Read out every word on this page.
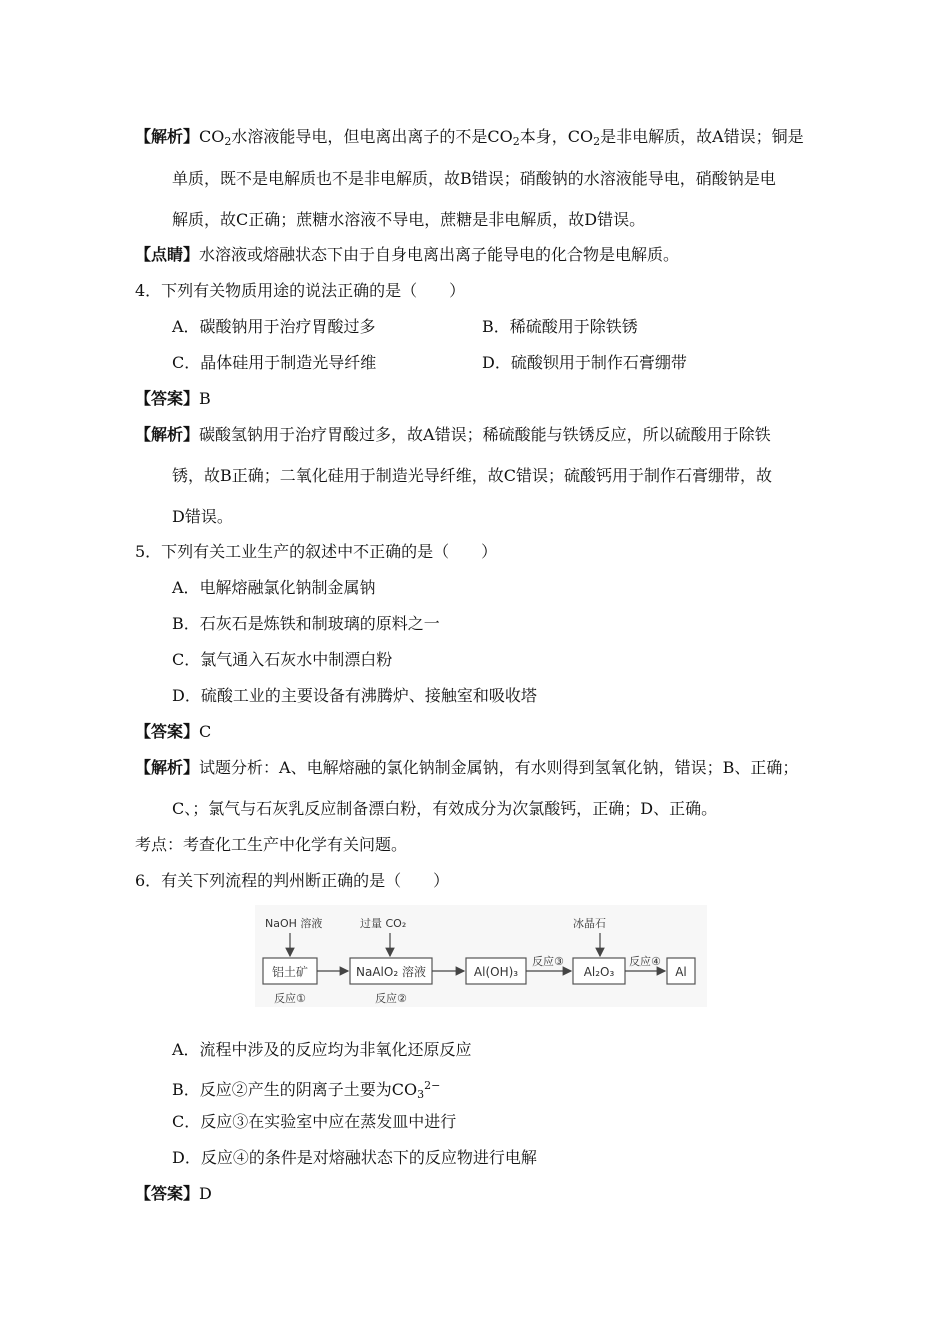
【解析】$CO_2$水溶液能导电，但电离出离子的不是$CO_2$本身，$CO_2$是非电解质，故A错误；铜是
单质，既不是电解质也不是非电解质，故B错误；硝酸钠的水溶液能导电，硝酸钠是电
解质，故C正确；蔗糖水溶液不导电，蔗糖是非电解质，故D错误。
【点睛】水溶液或熔融状态下由于自身电离出离子能导电的化合物是电解质。
4．下列有关物质用途的说法正确的是（　　）
A．碳酸钠用于治疗胃酸过多	B．稀硫酸用于除铁锈
C．晶体硅用于制造光导纤维	D．硫酸钡用于制作石膏绷带
【答案】B
【解析】碳酸氢钠用于治疗胃酸过多，故A错误；稀硫酸能与铁锈反应，所以硫酸用于除铁
锈，故B正确；二氧化硅用于制造光导纤维，故C错误；硫酸钙用于制作石膏绷带，故
D错误。
5．下列有关工业生产的叙述中不正确的是（　　）
A．电解熔融氯化钠制金属钠
B．石灰石是炼铁和制玻璃的原料之一
C．氯气通入石灰水中制漂白粉
D．硫酸工业的主要设备有沸腾炉、接触室和吸收塔
【答案】C
【解析】试题分析：A、电解熔融的氯化钠制金属钠，有水则得到氢氧化钠，错误；B、正确；
C、；氯气与石灰乳反应制备漂白粉，有效成分为次氯酸钙，正确；D、正确。
考点：考查化工生产中化学有关问题。
6．有关下列流程的判州断正确的是（　　）
NaOH 溶液	过量 CO₂	冰晶石
铝土矿	NaAlO₂ 溶液	Al(OH)₃	Al₂O₃	Al
反应③	反应④
反应①	反应②
A．流程中涉及的反应均为非氧化还原反应
B．反应②产生的阴离子土要为$CO_3^{2-}$
C．反应③在实验室中应在蒸发皿中进行
D．反应④的条件是对熔融状态下的反应物进行电解
【答案】D
